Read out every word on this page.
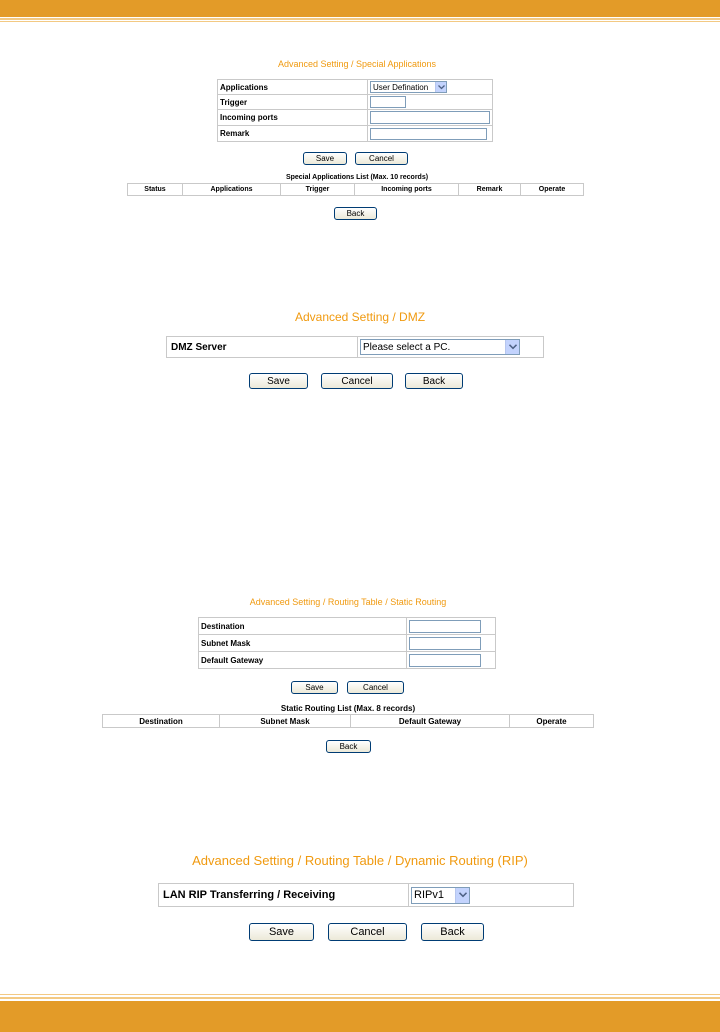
Advanced Setting / Special Applications
Applications	User Defination

Trigger	
Incoming ports	
Remark	
Save	Cancel
Special Applications List (Max. 10 records)
Status	Applications	Trigger	Incoming ports	Remark	Operate
Back
Advanced Setting / DMZ
DMZ Server	Please select a PC.
Save	Cancel	Back
Advanced Setting / Routing Table / Static Routing
Destination	
Subnet Mask	
Default Gateway	
Save	Cancel
Static Routing List (Max. 8 records)
Destination	Subnet Mask	Default Gateway	Operate
Back
Advanced Setting / Routing Table / Dynamic Routing (RIP)
LAN RIP Transferring / Receiving	RIPv1
Save	Cancel	Back
